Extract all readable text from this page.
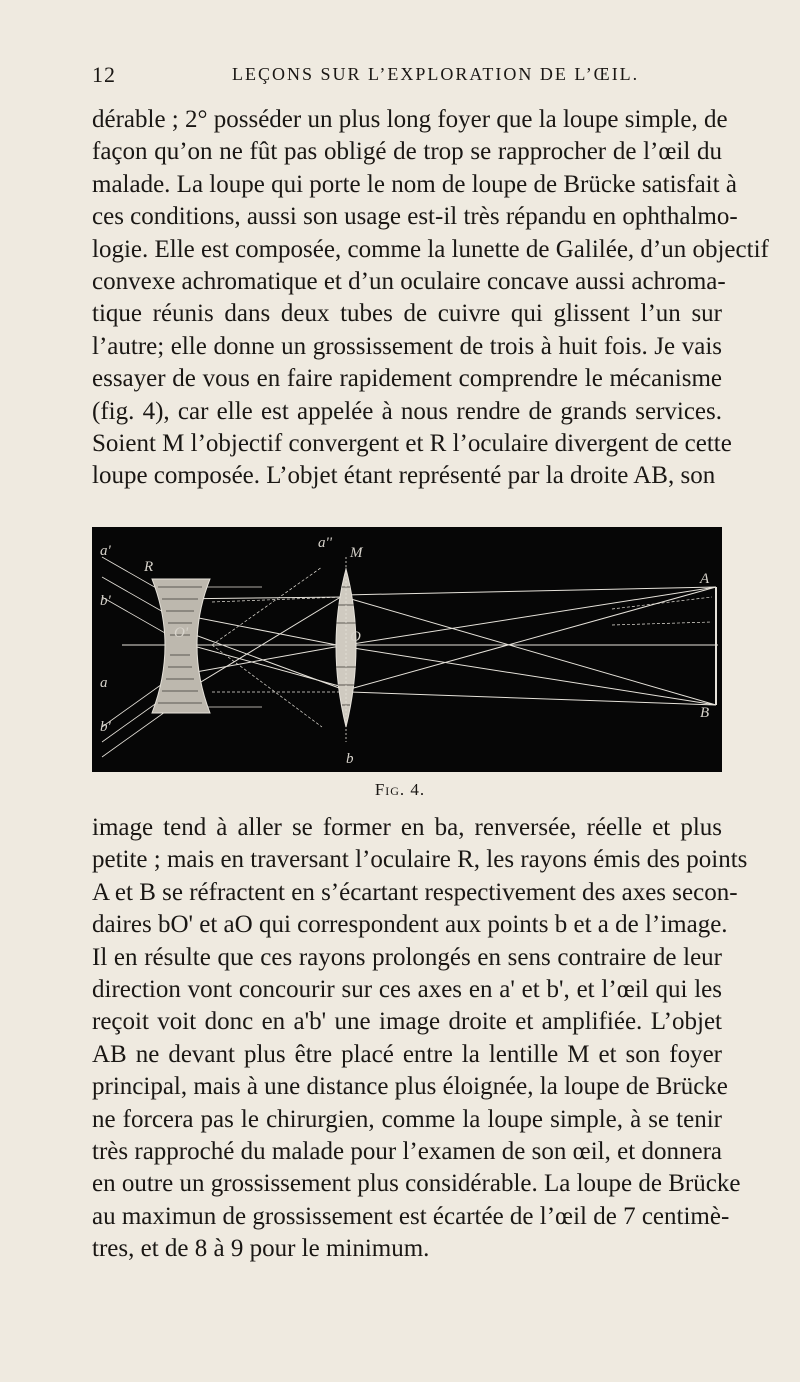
12	LEÇONS SUR L’EXPLORATION DE L’ŒIL.

dérable ; 2° posséder un plus long foyer que la loupe simple, de
façon qu’on ne fût pas obligé de trop se rapprocher de l’œil du
malade. La loupe qui porte le nom de loupe de Brücke satisfait à
ces conditions, aussi son usage est-il très répandu en ophthalmo-
logie. Elle est composée, comme la lunette de Galilée, d’un objectif
convexe achromatique et d’un oculaire concave aussi achroma-
tique réunis dans deux tubes de cuivre qui glissent l’un sur
l’autre; elle donne un grossissement de trois à huit fois. Je vais
essayer de vous en faire rapidement comprendre le mécanisme
(fig. 4), car elle est appelée à nous rendre de grands services.
Soient M l’objectif convergent et R l’oculaire divergent de cette
loupe composée. L’objet étant représenté par la droite AB, son

a'
R
a''
M
A
b'
O'	O
a
B
b'
b
Fig. 4.

image tend à aller se former en ba, renversée, réelle et plus
petite ; mais en traversant l’oculaire R, les rayons émis des points
A et B se réfractent en s’écartant respectivement des axes secon-
daires bO' et aO qui correspondent aux points b et a de l’image.
Il en résulte que ces rayons prolongés en sens contraire de leur
direction vont concourir sur ces axes en a' et b', et l’œil qui les
reçoit voit donc en a'b' une image droite et amplifiée. L’objet
AB ne devant plus être placé entre la lentille M et son foyer
principal, mais à une distance plus éloignée, la loupe de Brücke
ne forcera pas le chirurgien, comme la loupe simple, à se tenir
très rapproché du malade pour l’examen de son œil, et donnera
en outre un grossissement plus considérable. La loupe de Brücke
au maximun de grossissement est écartée de l’œil de 7 centimè-
tres, et de 8 à 9 pour le minimum.
